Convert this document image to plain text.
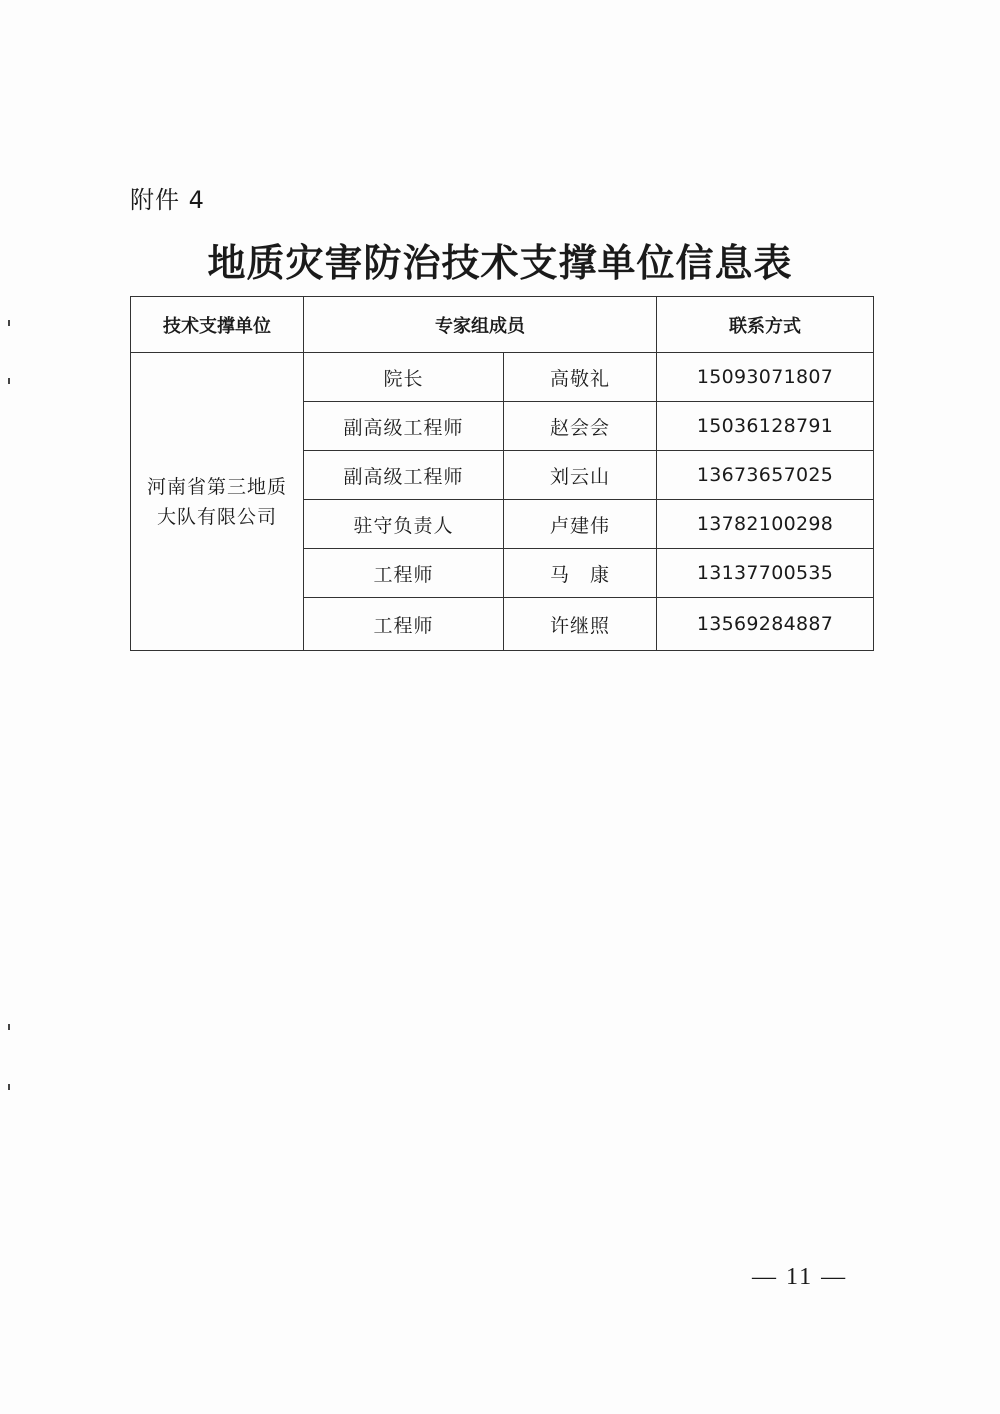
附件 4
地质灾害防治技术支撑单位信息表
技术支撑单位	专家组成员		联系方式
河南省第三地质大队有限公司	院长	高敬礼	15093071807
	副高级工程师	赵会会	15036128791
	副高级工程师	刘云山	13673657025
	驻守负责人	卢建伟	13782100298
	工程师	马　康	13137700535
	工程师	许继照	13569284887
— 11 —
